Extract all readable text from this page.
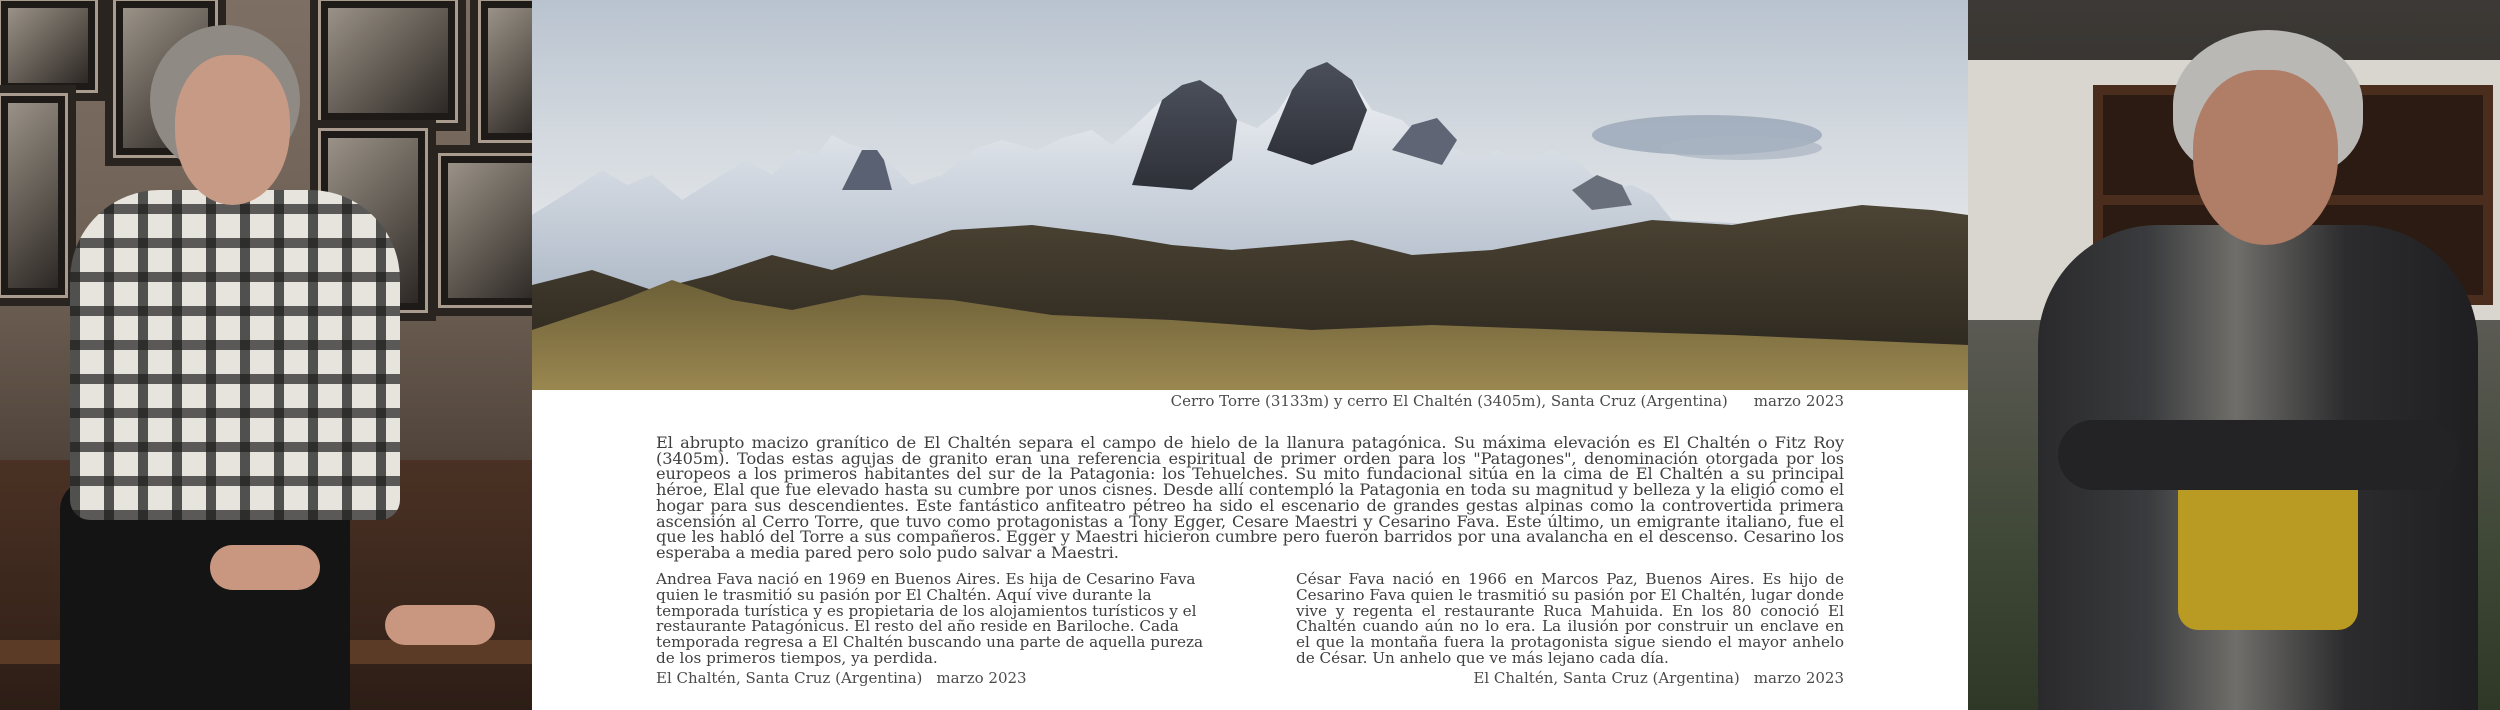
Cerro Torre (3133m) y cerro El Chaltén (3405m), Santa Cruz (Argentina) marzo 2023
El abrupto macizo granítico de El Chaltén separa el campo de hielo de la llanura patagónica. Su máxima elevación es El Chaltén o Fitz Roy (3405m). Todas estas agujas de granito eran una referencia espiritual de primer orden para los "Patagones", denominación otorgada por los europeos a los primeros habitantes del sur de la Patagonia: los Tehuelches. Su mito fundacional sitúa en la cima de El Chaltén a su principal héroe, Elal que fue elevado hasta su cumbre por unos cisnes. Desde allí contempló la Patagonia en toda su magnitud y belleza y la eligió como el hogar para sus descendientes. Este fantástico anfiteatro pétreo ha sido el escenario de grandes gestas alpinas como la controvertida primera ascensión al Cerro Torre, que tuvo como protagonistas a Tony Egger, Cesare Maestri y Cesarino Fava. Este último, un emigrante italiano, fue el que les habló del Torre a sus compañeros. Egger y Maestri hicieron cumbre pero fueron barridos por una avalancha en el descenso. Cesarino los esperaba a media pared pero solo pudo salvar a Maestri.
Andrea Fava nació en 1969 en Buenos Aires. Es hija de Cesarino Fava quien le trasmitió su pasión por El Chaltén. Aquí vive durante la temporada turística y es propietaria de los alojamientos turísticos y el restaurante Patagónicus. El resto del año reside en Bariloche. Cada temporada regresa a El Chaltén buscando una parte de aquella pureza de los primeros tiempos, ya perdida.
César Fava nació en 1966 en Marcos Paz, Buenos Aires. Es hijo de Cesarino Fava quien le trasmitió su pasión por El Chaltén, lugar donde vive y regenta el restaurante Ruca Mahuida. En los 80 conoció El Chaltén cuando aún no lo era. La ilusión por construir un enclave en el que la montaña fuera la protagonista sigue siendo el mayor anhelo de César. Un anhelo que ve más lejano cada día.
El Chaltén, Santa Cruz (Argentina) marzo 2023	El Chaltén, Santa Cruz (Argentina) marzo 2023
